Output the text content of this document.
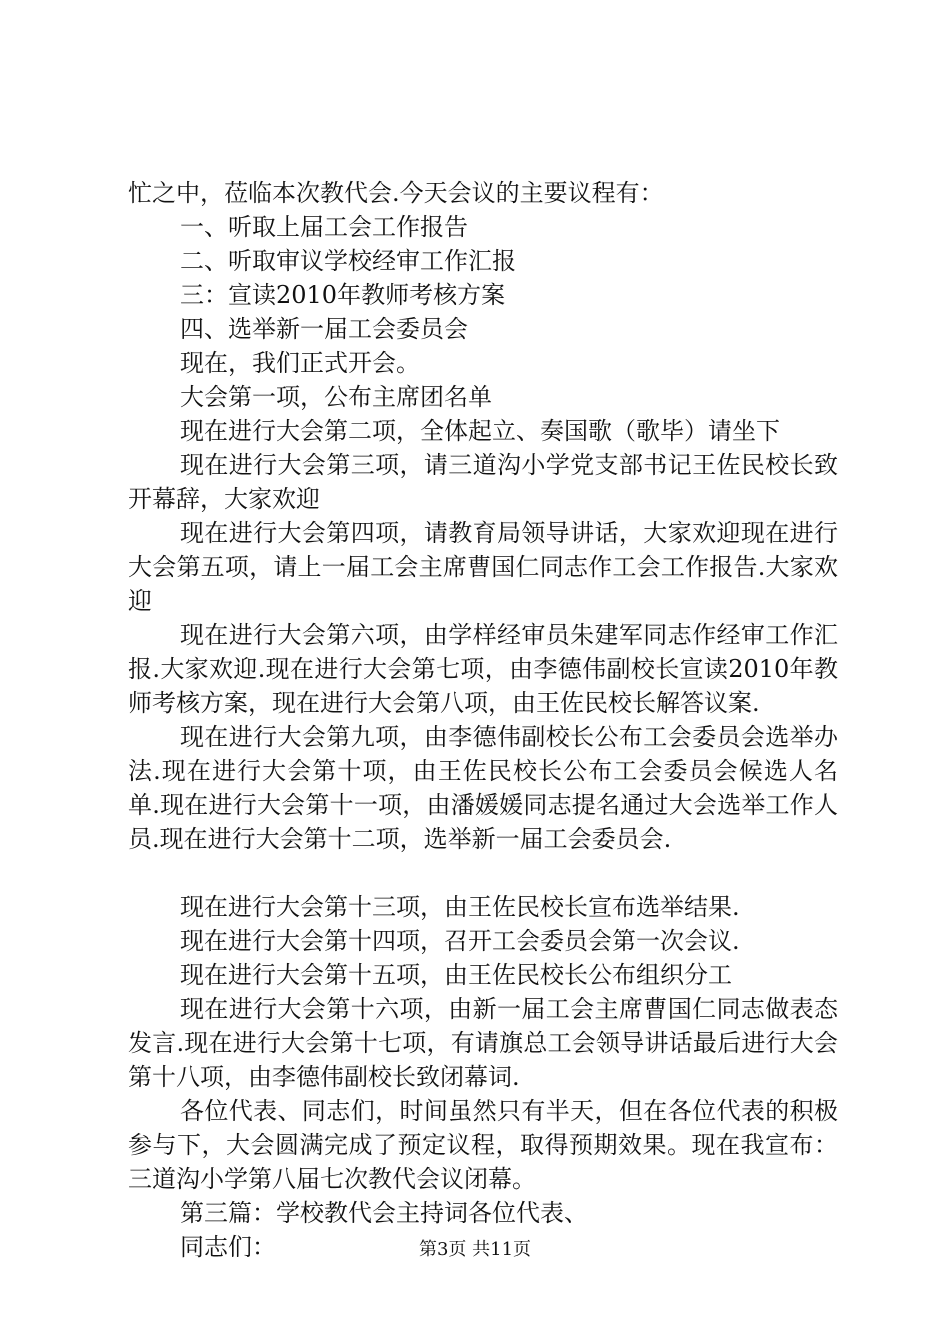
忙之中，莅临本次教代会.今天会议的主要议程有：

一、听取上届工会工作报告

二、听取审议学校经审工作汇报

三：宣读2010年教师考核方案

四、选举新一届工会委员会

现在，我们正式开会。

大会第一项，公布主席团名单

现在进行大会第二项，全体起立、奏国歌（歌毕）请坐下

现在进行大会第三项，请三道沟小学党支部书记王佐民校长致开幕辞，大家欢迎

现在进行大会第四项，请教育局领导讲话，大家欢迎现在进行大会第五项，请上一届工会主席曹国仁同志作工会工作报告.大家欢迎

现在进行大会第六项，由学样经审员朱建军同志作经审工作汇报.大家欢迎.现在进行大会第七项，由李德伟副校长宣读2010年教师考核方案，现在进行大会第八项，由王佐民校长解答议案.

现在进行大会第九项，由李德伟副校长公布工会委员会选举办法.现在进行大会第十项，由王佐民校长公布工会委员会候选人名单.现在进行大会第十一项，由潘媛媛同志提名通过大会选举工作人员.现在进行大会第十二项，选举新一届工会委员会.

现在进行大会第十三项，由王佐民校长宣布选举结果.

现在进行大会第十四项，召开工会委员会第一次会议.

现在进行大会第十五项，由王佐民校长公布组织分工

现在进行大会第十六项，由新一届工会主席曹国仁同志做表态发言.现在进行大会第十七项，有请旗总工会领导讲话最后进行大会第十八项，由李德伟副校长致闭幕词.

各位代表、同志们，时间虽然只有半天，但在各位代表的积极参与下，大会圆满完成了预定议程，取得预期效果。现在我宣布：三道沟小学第八届七次教代会议闭幕。

第三篇：学校教代会主持词各位代表、

同志们：	第3页 共11页
